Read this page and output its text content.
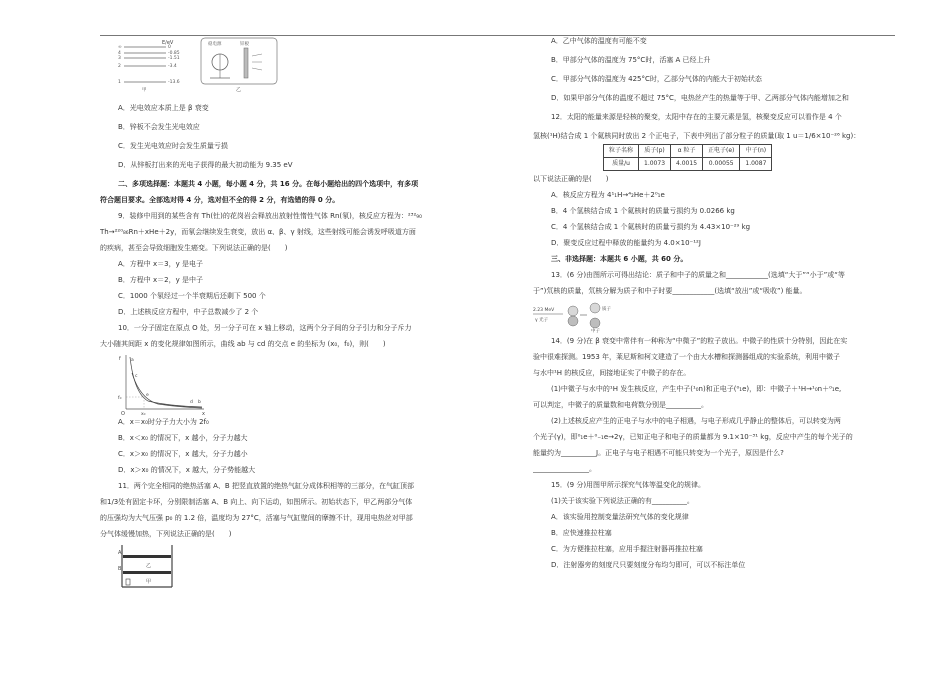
E/eV
∞
4
3
2
1
0
-0.85
-1.51
-3.4
-13.6
甲
稳电源	锌板
乙

A．光电效应本质上是 β 衰变

B．锌板不会发生光电效应

C．发生光电效应时会发生质量亏损

D．从锌板打出来的光电子获得的最大初动能为 9.35 eV

二、多项选择题：本题共 4 小题，每小题 4 分，共 16 分。在每小题给出的四个选项中，有多项

符合题目要求。全部选对得 4 分，选对但不全的得 2 分，有选错的得 0 分。

9．装修中用到的某些含有 Th(钍)的花岗岩会释放出放射性惰性气体 Rn(氡)，核反应方程为：²³²₉₀

Th→²²⁰₈₆Rn＋xHe＋2y，而氡会继续发生衰变，放出 α、β、γ 射线，这些射线可能会诱发呼吸道方面

的疾病，甚至会导致细胞发生癌变。下列说法正确的是(　　)

A．方程中 x＝3，y 是电子

B．方程中 x＝2，y 是中子

C．1000 个氡经过一个半衰期后还剩下 500 个

D．上述核反应方程中，中子总数减少了 2 个

10．一分子固定在原点 O 处，另一分子可在 x 轴上移动，这两个分子间的分子引力和分子斥力

大小随其间距 x 的变化规律如图所示，曲线 ab 与 cd 的交点 e 的坐标为 (x₀，f₀)，则(　　)

f
x
O	x₀
f₀
a
c
e
b
d

A．x＝x₀时分子力大小为 2f₀

B．x＜x₀ 的情况下，x 越小，分子力越大

C．x＞x₀ 的情况下，x 越大，分子力越小

D．x＞x₀ 的情况下，x 越大，分子势能越大

11．两个完全相同的绝热活塞 A、B 把竖直放置的绝热气缸分成体积相等的三部分，在气缸顶部

和1/3处有固定卡环，分别限制活塞 A、B 向上、向下运动，如图所示。初始状态下，甲乙两部分气体

的压强均为大气压强 p₀ 的 1.2 倍，温度均为 27°C，活塞与气缸壁间的摩擦不计，现用电热丝对甲部

分气体缓慢加热，下列说法正确的是(　　)

A
B	乙
甲

A．乙中气体的温度有可能不变

B．甲部分气体的温度为 75°C时，活塞 A 已经上升

C．甲部分气体的温度为 425°C时，乙部分气体的内能大于初始状态

D．如果甲部分气体的温度不超过 75°C，电热丝产生的热量等于甲、乙两部分气体内能增加之和

12．太阳的能量来源是轻核的聚变，太阳中存在的主要元素是氢，核聚变反应可以看作是 4 个

氢核(¹H)结合成 1 个氦核同时放出 2 个正电子，下表中列出了部分粒子的质量(取 1 u＝1/6×10⁻²⁶ kg)：

粒子名称	质子(p)	α 粒子	正电子(e)	中子(n)
质量/u	1.0073	4.0015	0.00055	1.0087

以下说法正确的是(　　)

A．核反应方程为 4¹₁H→⁴₂He＋2⁰₁e

B．4 个氢核结合成 1 个氦核时的质量亏损约为 0.0266 kg

C．4 个氢核结合成 1 个氦核时的质量亏损约为 4.43×10⁻²⁹ kg

D．聚变反应过程中释放的能量约为 4.0×10⁻¹²J

三、非选择题：本题共 6 小题，共 60 分。

13．(6 分)由图所示可得出结论：质子和中子的质量之和____________(选填“大于”“小于”或“等

于”)氘核的质量，氘核分解为质子和中子时要____________(选填“放出”或“吸收”) 能量。

2.23 MeV
γ 光子
质子
中子

14．(9 分)在 β 衰变中常伴有一种称为“中微子”的粒子放出。中微子的性质十分特别，因此在实

验中很难探测。1953 年，莱尼斯和柯文建造了一个由大水槽和探测器组成的实验系统，利用中微子

与水中¹H 的核反应，间接地证实了中微子的存在。

(1)中微子与水中的¹H 发生核反应，产生中子(¹₀n)和正电子(⁰₁e)，即：中微子＋¹H→¹₀n＋⁰₁e,

可以判定，中微子的质量数和电荷数分别是__________。

(2)上述核反应产生的正电子与水中的电子相遇，与电子形成几乎静止的整体后，可以转变为两

个光子(γ)，即⁰₁e＋⁰₋₁e→2γ，已知正电子和电子的质量都为 9.1×10⁻³¹ kg，反应中产生的每个光子的

能量约为__________J。正电子与电子相遇不可能只转变为一个光子，原因是什么?

________________。

15．(9 分)用图甲所示探究气体等温变化的规律。

(1)关于该实验下列说法正确的有__________。

A．该实验用控制变量法研究气体的变化规律

B．应快速推拉柱塞

C．为方便推拉柱塞，应用手握注射器再推拉柱塞

D．注射器旁的刻度尺只要刻度分布均匀即可，可以不标注单位
